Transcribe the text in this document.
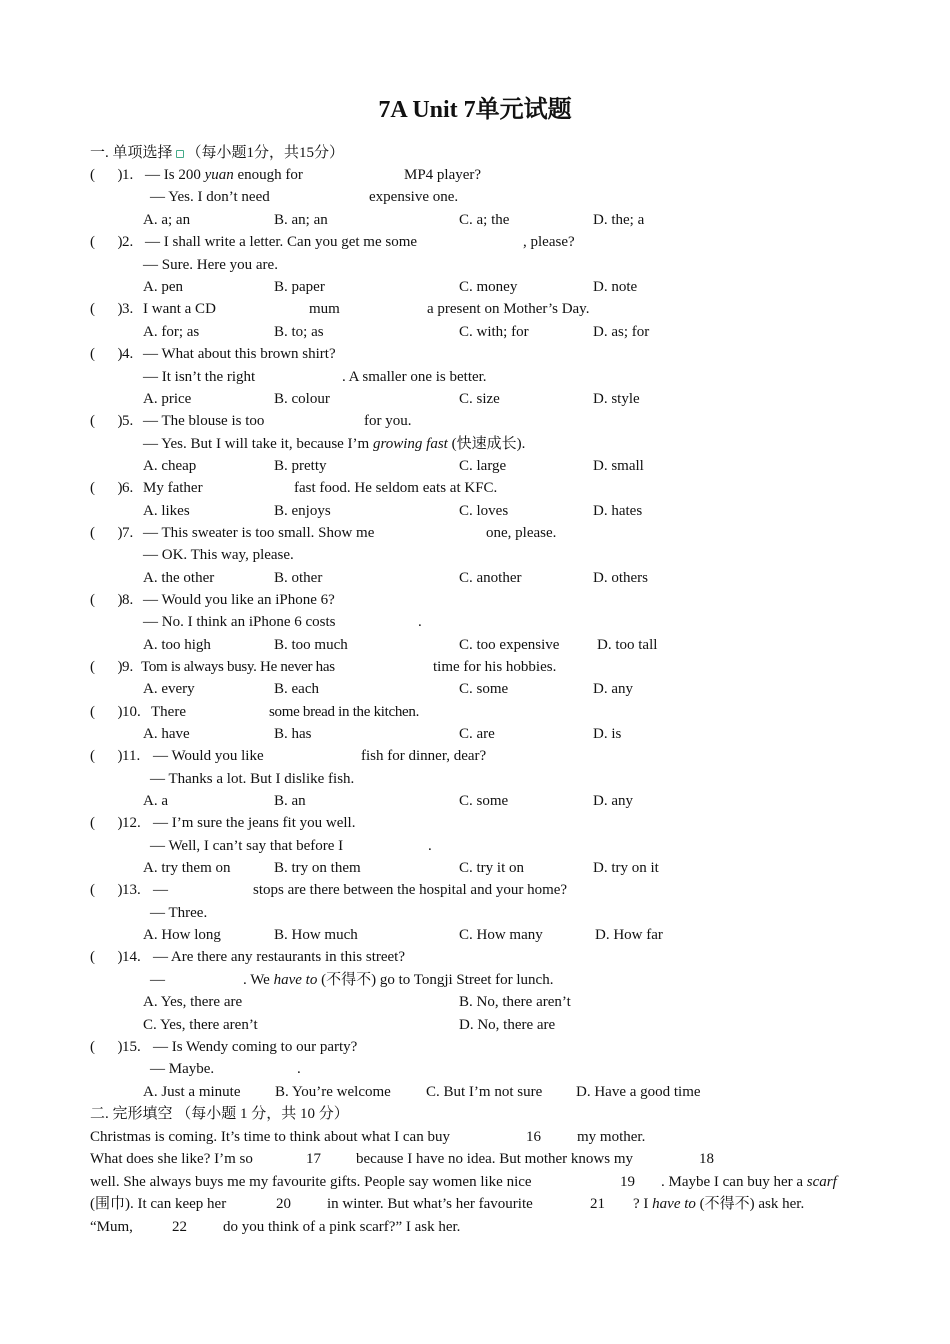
7A Unit 7单元试题
一. 单项选择 （每小题1分，共15分）
(      ) 1. — Is 200 yuan enough for	MP4 player?
— Yes. I don’t need	expensive one.
A. a; an	B. an; an	C. a; the	D. the; a
(      ) 2. — I shall write a letter. Can you get me some	, please?
— Sure. Here you are.
A. pen	B. paper	C. money	D. note
(      ) 3. I want a CD	mum	a present on Mother’s Day.
A. for; as	B. to; as	C. with; for	D. as; for
(      ) 4. — What about this brown shirt?
— It isn’t the right	. A smaller one is better.
A. price	B. colour	C. size	D. style
(      ) 5. — The blouse is too	for you.
— Yes. But I will take it, because I’m growing fast (快速成长).
A. cheap	B. pretty	C. large	D. small
(      ) 6. My father	fast food. He seldom eats at KFC.
A. likes	B. enjoys	C. loves	D. hates
(      ) 7. — This sweater is too small. Show me	one, please.
— OK. This way, please.
A. the other	B. other	C. another	D. others
(      ) 8. — Would you like an iPhone 6?
— No. I think an iPhone 6 costs	.
A. too high	B. too much	C. too expensive	D. too tall
(      ) 9. Tom is always busy. He never has	time for his hobbies.
A. every	B. each	C. some	D. any
(      ) 10. There	some bread in the kitchen.
A. have	B. has	C. are	D. is
(      ) 11. — Would you like	fish for dinner, dear?
— Thanks a lot. But I dislike fish.
A. a	B. an	C. some	D. any
(      ) 12. — I’m sure the jeans fit you well.
— Well, I can’t say that before I	.
A. try them on	B. try on them	C. try it on	D. try on it
(      ) 13. —	stops are there between the hospital and your home?
— Three.
A. How long	B. How much	C. How many	D. How far
(      ) 14. — Are there any restaurants in this street?
—	. We have to (不得不) go to Tongji Street for lunch.
A. Yes, there are	B. No, there aren’t
C. Yes, there aren’t	D. No, there are
(      ) 15. — Is Wendy coming to our party?
— Maybe.	.
A. Just a minute B. You’re welcome C. But I’m not sure D. Have a good time
二. 完形填空 （每小题 1 分，共 10 分）
Christmas is coming. It’s time to think about what I can buy	16 my mother.
What does she like? I’m so	17 because I have no idea. But mother knows my	18
well. She always buys me my favourite gifts. People say women like nice	19 . Maybe I can buy her a scarf
(围巾). It can keep her	20 in winter. But what’s her favourite	21 ? I have to (不得不) ask her.
“Mum,	22 do you think of a pink scarf?” I ask her.
